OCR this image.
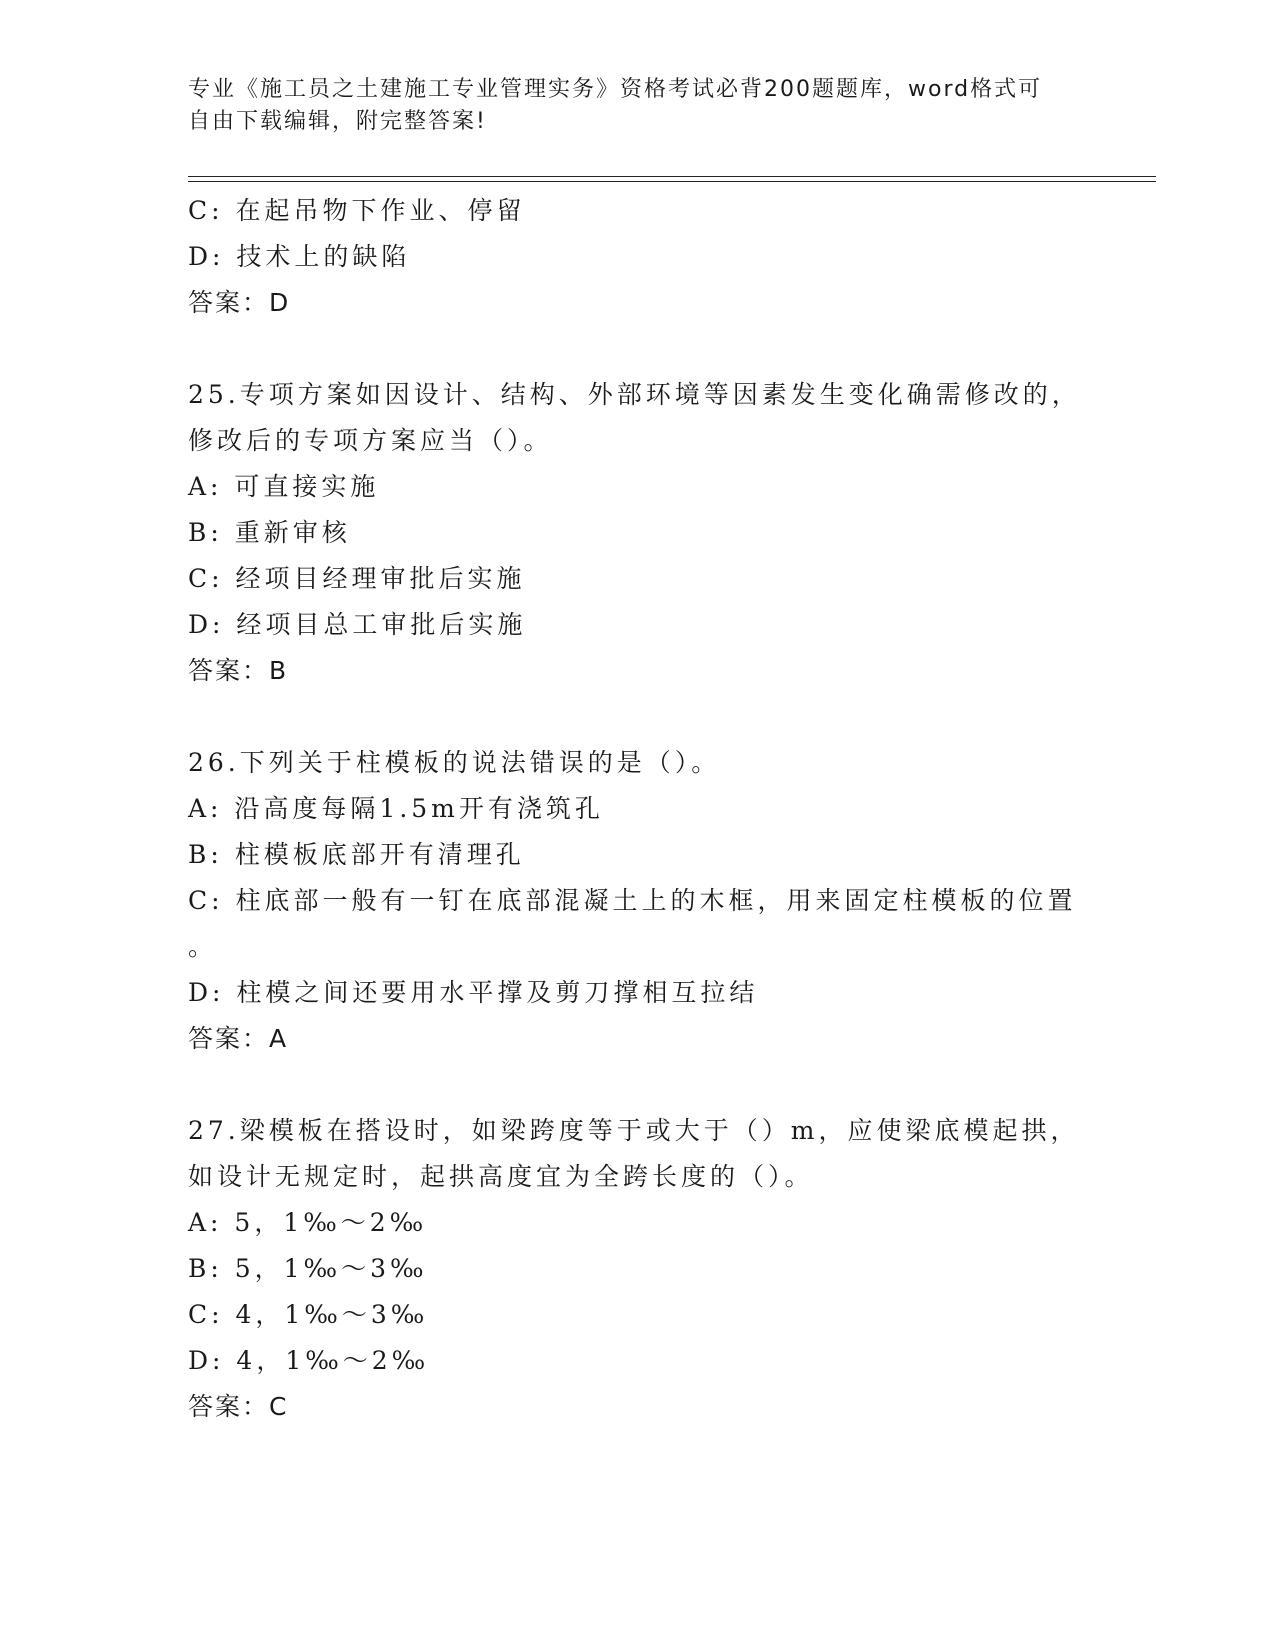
专业《施工员之土建施工专业管理实务》资格考试必背200题题库，word格式可
自由下载编辑，附完整答案!
C: 在起吊物下作业、停留
D: 技术上的缺陷
答案：D
25.专项方案如因设计、结构、外部环境等因素发生变化确需修改的，
修改后的专项方案应当（）。
A: 可直接实施
B: 重新审核
C: 经项目经理审批后实施
D: 经项目总工审批后实施
答案：B
26.下列关于柱模板的说法错误的是（）。
A: 沿高度每隔1.5m开有浇筑孔
B: 柱模板底部开有清理孔
C: 柱底部一般有一钉在底部混凝土上的木框，用来固定柱模板的位置
。
D: 柱模之间还要用水平撑及剪刀撑相互拉结
答案：A
27.梁模板在搭设时，如梁跨度等于或大于（）m，应使梁底模起拱，
如设计无规定时，起拱高度宜为全跨长度的（）。
A: 5，1‰～2‰
B: 5，1‰～3‰
C: 4，1‰～3‰
D: 4，1‰～2‰
答案：C
